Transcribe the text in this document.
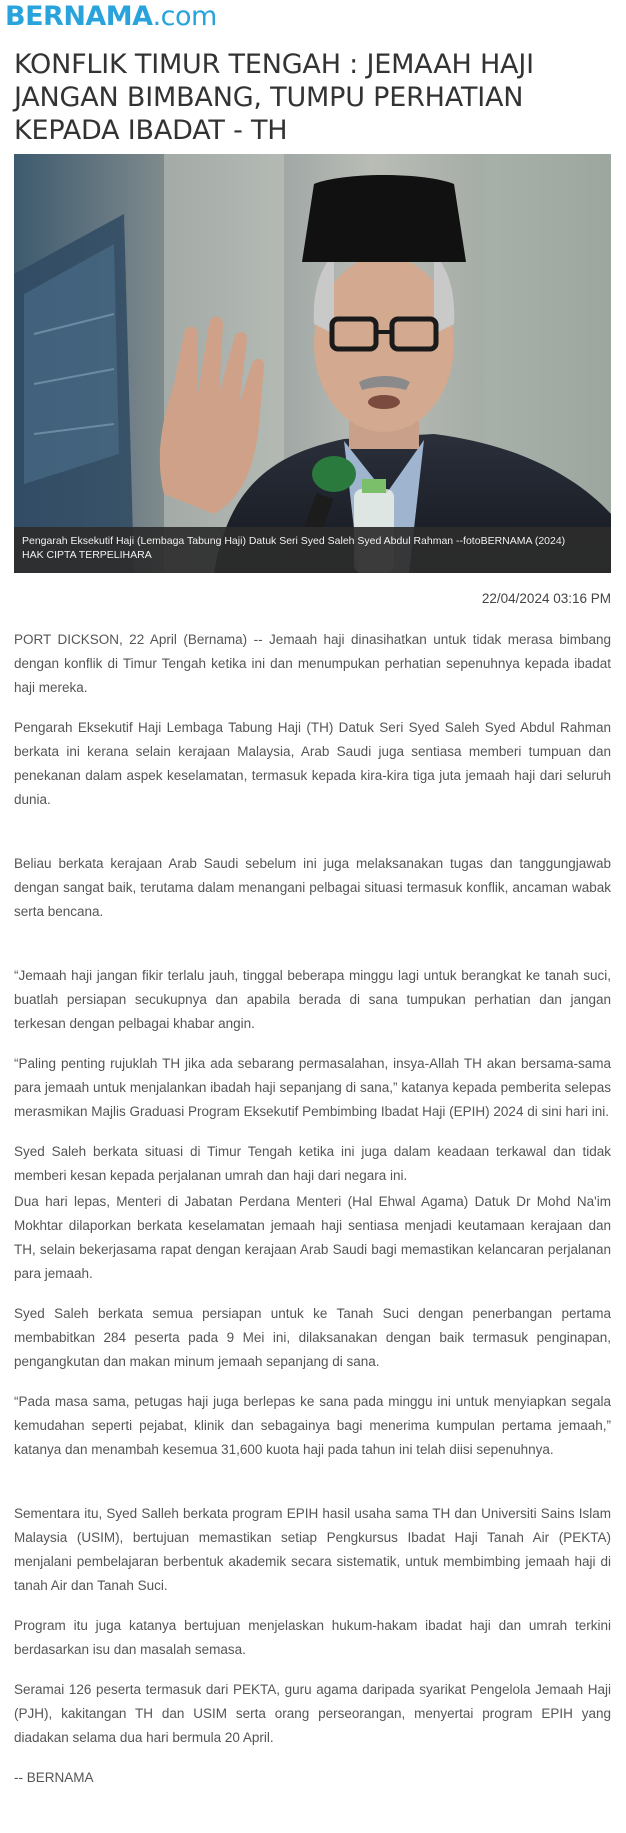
BERNAMA.com
KONFLIK TIMUR TENGAH : JEMAAH HAJI JANGAN BIMBANG, TUMPU PERHATIAN KEPADA IBADAT - TH
Pengarah Eksekutif Haji (Lembaga Tabung Haji) Datuk Seri Syed Saleh Syed Abdul Rahman --fotoBERNAMA (2024)
HAK CIPTA TERPELIHARA
22/04/2024 03:16 PM

PORT DICKSON, 22 April (Bernama) -- Jemaah haji dinasihatkan untuk tidak merasa bimbang dengan konflik di Timur Tengah ketika ini dan menumpukan perhatian sepenuhnya kepada ibadat haji mereka.

Pengarah Eksekutif Haji Lembaga Tabung Haji (TH) Datuk Seri Syed Saleh Syed Abdul Rahman berkata ini kerana selain kerajaan Malaysia, Arab Saudi juga sentiasa memberi tumpuan dan penekanan dalam aspek keselamatan, termasuk kepada kira-kira tiga juta jemaah haji dari seluruh dunia.

Beliau berkata kerajaan Arab Saudi sebelum ini juga melaksanakan tugas dan tanggungjawab dengan sangat baik, terutama dalam menangani pelbagai situasi termasuk konflik, ancaman wabak serta bencana.

“Jemaah haji jangan fikir terlalu jauh, tinggal beberapa minggu lagi untuk berangkat ke tanah suci, buatlah persiapan secukupnya dan apabila berada di sana tumpukan perhatian dan jangan terkesan dengan pelbagai khabar angin.

“Paling penting rujuklah TH jika ada sebarang permasalahan, insya-Allah TH akan bersama-sama para jemaah untuk menjalankan ibadah haji sepanjang di sana,” katanya kepada pemberita selepas merasmikan Majlis Graduasi Program Eksekutif Pembimbing Ibadat Haji (EPIH) 2024 di sini hari ini.

Syed Saleh berkata situasi di Timur Tengah ketika ini juga dalam keadaan terkawal dan tidak memberi kesan kepada perjalanan umrah dan haji dari negara ini.

Dua hari lepas, Menteri di Jabatan Perdana Menteri (Hal Ehwal Agama) Datuk Dr Mohd Na'im Mokhtar dilaporkan berkata keselamatan jemaah haji sentiasa menjadi keutamaan kerajaan dan TH, selain bekerjasama rapat dengan kerajaan Arab Saudi bagi memastikan kelancaran perjalanan para jemaah.

Syed Saleh berkata semua persiapan untuk ke Tanah Suci dengan penerbangan pertama membabitkan 284 peserta pada 9 Mei ini, dilaksanakan dengan baik termasuk penginapan, pengangkutan dan makan minum jemaah sepanjang di sana.

“Pada masa sama, petugas haji juga berlepas ke sana pada minggu ini untuk menyiapkan segala kemudahan seperti pejabat, klinik dan sebagainya bagi menerima kumpulan pertama jemaah,” katanya dan menambah kesemua 31,600 kuota haji pada tahun ini telah diisi sepenuhnya.

Sementara itu, Syed Salleh berkata program EPIH hasil usaha sama TH dan Universiti Sains Islam Malaysia (USIM), bertujuan memastikan setiap Pengkursus Ibadat Haji Tanah Air (PEKTA) menjalani pembelajaran berbentuk akademik secara sistematik, untuk membimbing jemaah haji di tanah Air dan Tanah Suci.

Program itu juga katanya bertujuan menjelaskan hukum-hakam ibadat haji dan umrah terkini berdasarkan isu dan masalah semasa.

Seramai 126 peserta termasuk dari PEKTA, guru agama daripada syarikat Pengelola Jemaah Haji (PJH), kakitangan TH dan USIM serta orang perseorangan, menyertai program EPIH yang diadakan selama dua hari bermula 20 April.

-- BERNAMA
